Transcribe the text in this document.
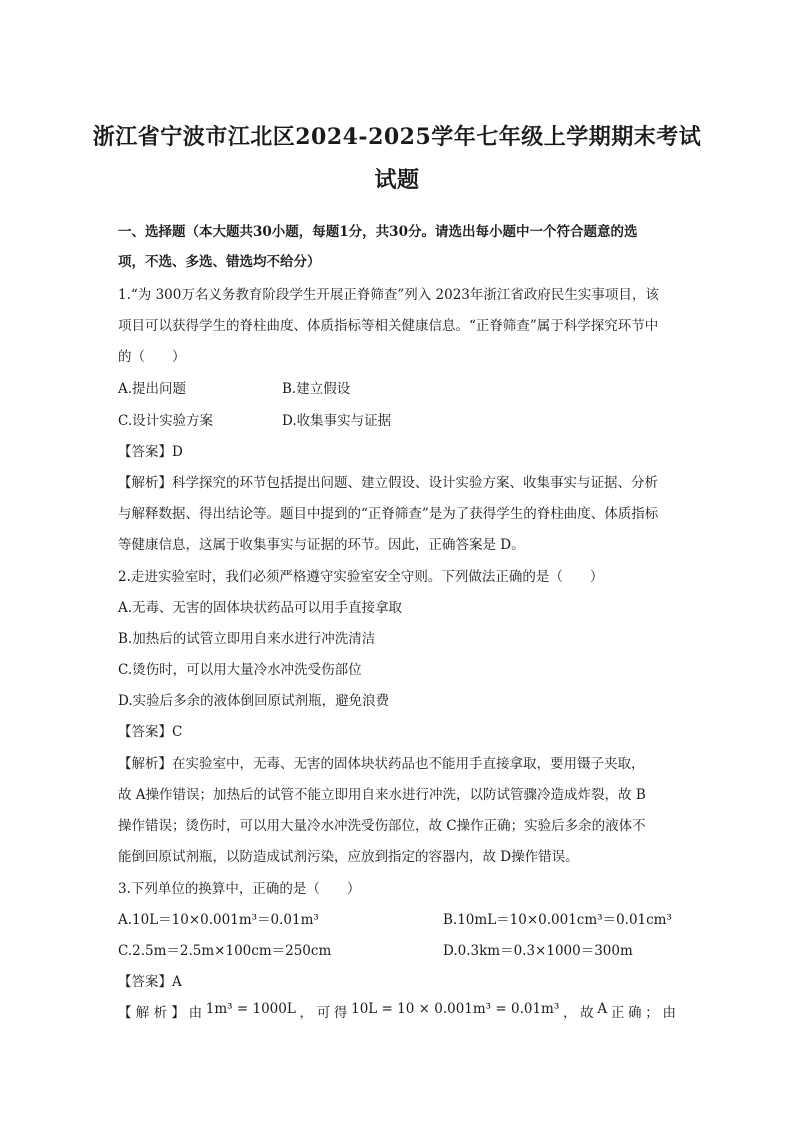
浙江省宁波市江北区2024-2025学年七年级上学期期末考试
试题
一、选择题（本大题共30小题，每题1分，共30分。请选出每小题中一个符合题意的选
项，不选、多选、错选均不给分）
1.“为 300万名义务教育阶段学生开展正脊筛查”列入 2023年浙江省政府民生实事项目，该
项目可以获得学生的脊柱曲度、体质指标等相关健康信息。“正脊筛查”属于科学探究环节中
的（　　）
A.提出问题	B.建立假设
C.设计实验方案	D.收集事实与证据
【答案】D
【解析】科学探究的环节包括提出问题、建立假设、设计实验方案、收集事实与证据、分析
与解释数据、得出结论等。题目中提到的“正脊筛查”是为了获得学生的脊柱曲度、体质指标
等健康信息，这属于收集事实与证据的环节。因此，正确答案是 D。
2.走进实验室时，我们必须严格遵守实验室安全守则。下列做法正确的是（　　）
A.无毒、无害的固体块状药品可以用手直接拿取
B.加热后的试管立即用自来水进行冲洗清洁
C.烫伤时，可以用大量冷水冲洗受伤部位
D.实验后多余的液体倒回原试剂瓶，避免浪费
【答案】C
【解析】在实验室中，无毒、无害的固体块状药品也不能用手直接拿取，要用镊子夹取，
故 A操作错误；加热后的试管不能立即用自来水进行冲洗，以防试管骤冷造成炸裂，故 B
操作错误；烫伤时，可以用大量冷水冲洗受伤部位，故 C操作正确；实验后多余的液体不
能倒回原试剂瓶，以防造成试剂污染，应放到指定的容器内，故 D操作错误。
3.下列单位的换算中，正确的是（　　）
A.10L＝10×0.001m³＝0.01m³	B.10mL＝10×0.001cm³＝0.01cm³
C.2.5m＝2.5m×100cm＝250cm	D.0.3km＝0.3×1000＝300m
【答案】A
【 解 析 】 由 1m³ = 1000L ， 可 得 10L = 10 × 0.001m³ = 0.01m³ ， 故 A 正 确 ； 由
